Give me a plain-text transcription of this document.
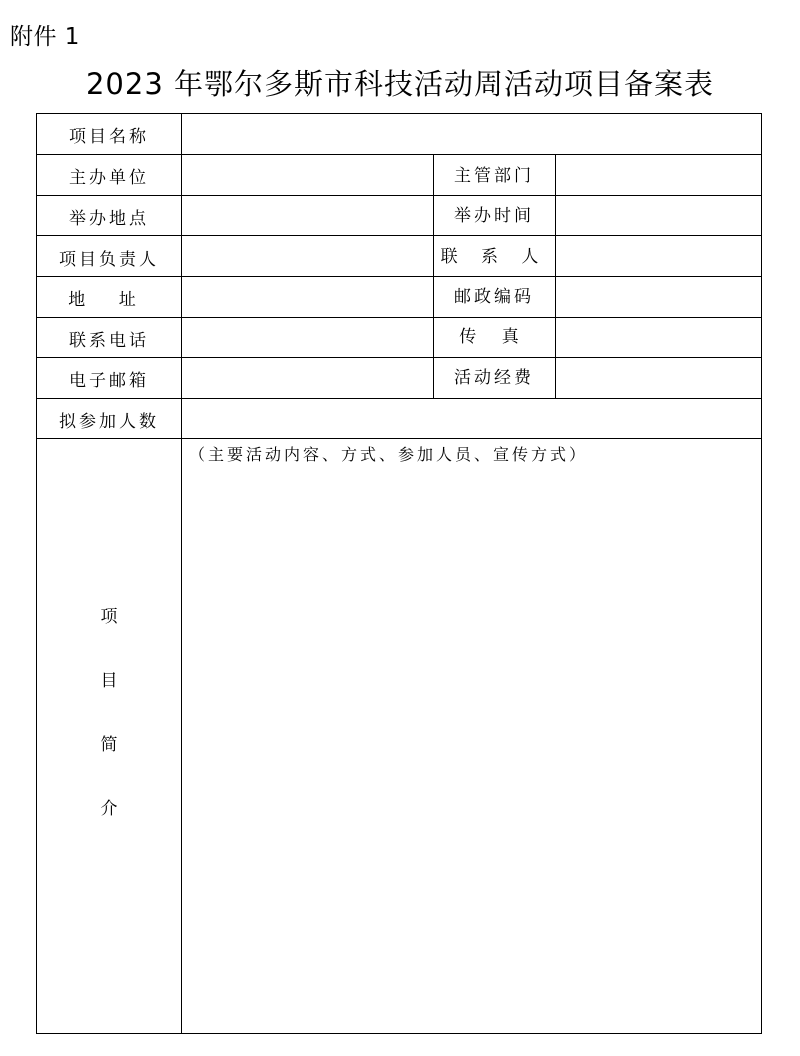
附件 1
2023 年鄂尔多斯市科技活动周活动项目备案表
项目名称
主办单位	主管部门
举办地点	举办时间
项目负责人	联 系 人
地 址	邮政编码
联系电话	传 真
电子邮箱	活动经费
拟参加人数
项
目
简
介
（主要活动内容、方式、参加人员、宣传方式）
